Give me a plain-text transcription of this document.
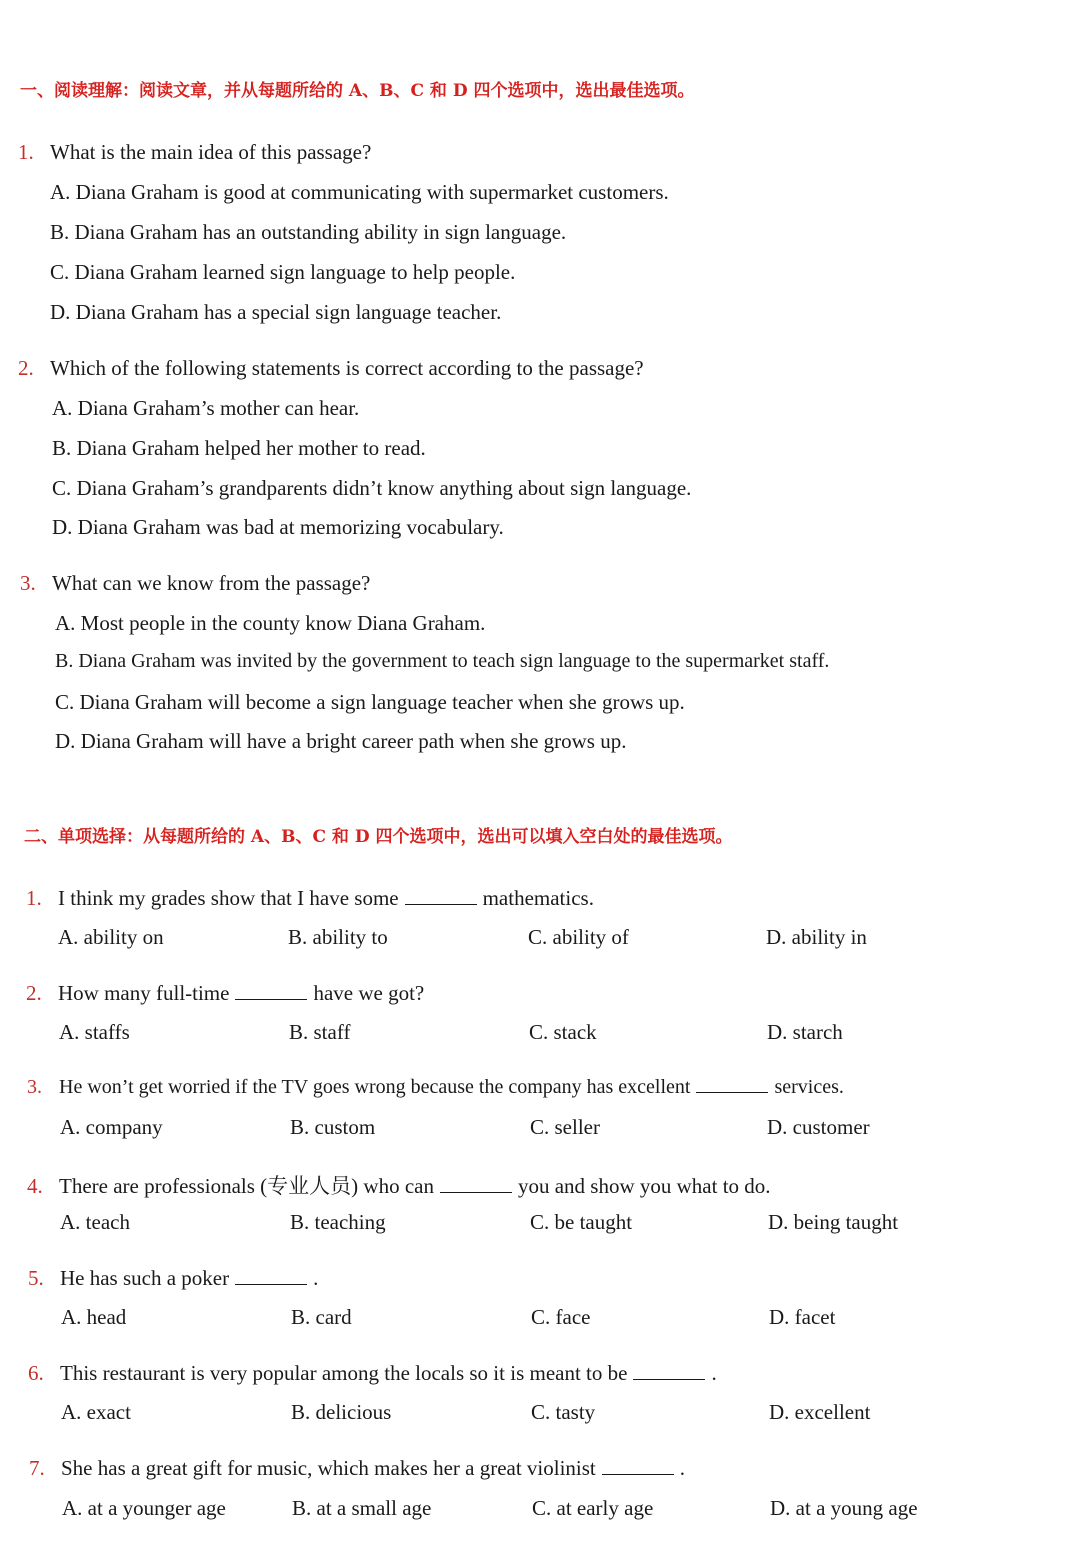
一、阅读理解：阅读文章，并从每题所给的 A、B、C 和 D 四个选项中，选出最佳选项。
1. What is the main idea of this passage?
A. Diana Graham is good at communicating with supermarket customers.
B. Diana Graham has an outstanding ability in sign language.
C. Diana Graham learned sign language to help people.
D. Diana Graham has a special sign language teacher.
2. Which of the following statements is correct according to the passage?
A. Diana Graham’s mother can hear.
B. Diana Graham helped her mother to read.
C. Diana Graham’s grandparents didn’t know anything about sign language.
D. Diana Graham was bad at memorizing vocabulary.
3. What can we know from the passage?
A. Most people in the county know Diana Graham.
B. Diana Graham was invited by the government to teach sign language to the supermarket staff.
C. Diana Graham will become a sign language teacher when she grows up.
D. Diana Graham will have a bright career path when she grows up.
二、单项选择：从每题所给的 A、B、C 和 D 四个选项中，选出可以填入空白处的最佳选项。
1. I think my grades show that I have some	mathematics.
A. ability on	B. ability to	C. ability of	D. ability in
2. How many full-time	have we got?
A. staffs	B. staff	C. stack	D. starch
3. He won’t get worried if the TV goes wrong because the company has excellent	services.
A. company	B. custom	C. seller	D. customer
4. There are professionals (专业人员) who can	you and show you what to do.
A. teach	B. teaching	C. be taught	D. being taught
5. He has such a poker	.
A. head	B. card	C. face	D. facet
6. This restaurant is very popular among the locals so it is meant to be	.
A. exact	B. delicious	C. tasty	D. excellent
7. She has a great gift for music, which makes her a great violinist	.
A. at a younger age	B. at a small age	C. at early age	D. at a young age
